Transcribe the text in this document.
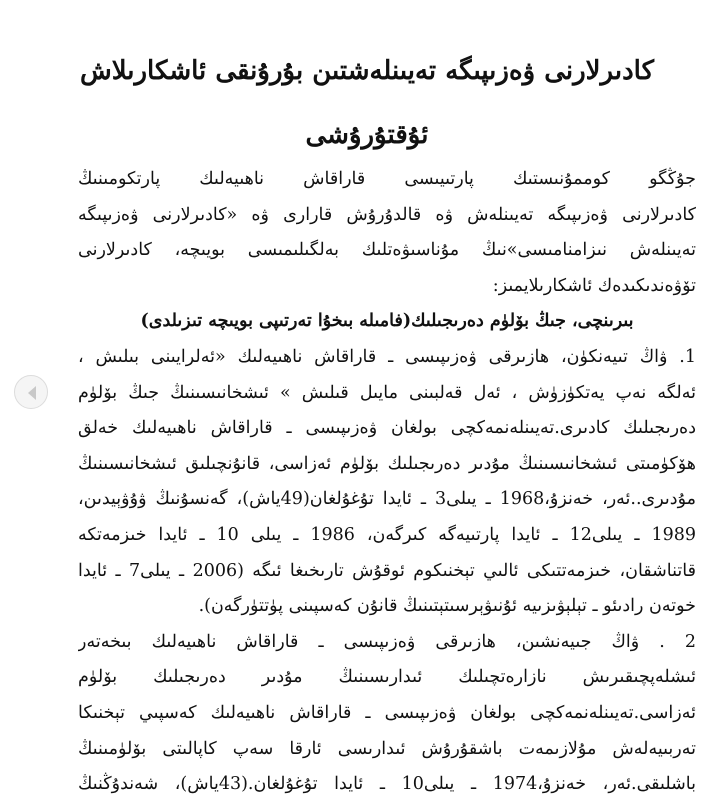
كادىرلارنى ۋەزىپىگە تەيىنلەشتىن بۇرۇنقى ئاشكارىلاش
ئۇقتۇرۇشى
جۇڭگو كوممۇنىستىك پارتىيىسى قاراقاش ناھىيەلىك پارتكومىنىڭ
كادىرلارنى ۋەزىپىگە تەيىنلەش ۋە قالدۇرۇش قارارى ۋە «كادىرلارنى ۋەزىپىگە
تەيىنلەش نىزامنامىسى»نىڭ مۇناسىۋەتلىك بەلگىلىمىسى بويىچە، كادىرلارنى
تۆۋەندىكىدەك ئاشكارىلايمىز:
بىرىنچى، جىڭ بۆلۈم دەرىجىلىك(فامىلە بىخۇا تەرتىپى بويىچە تىزىلدى)
1. ۋاڭ تىيەنكۈن، ھازىرقى ۋەزىپىسى ـ قاراقاش ناھىيەلىك «ئەلرايىنى بىلىش ،
ئەلگە نەپ يەتكۈزۈش ، ئەل قەلبىنى مايىل قىلىش » ئىشخانىسىنىڭ جىڭ بۆلۈم
دەرىجىلىك كادىرى.تەيىنلەنمەكچى بولغان ۋەزىپىسى ـ قاراقاش ناھىيەلىك خەلق
ھۆكۈمىتى ئىشخانىسىنىڭ مۇدىر دەرىجىلىك بۆلۈم ئەزاسى، قانۇنچىلىق ئىشخانىسىنىڭ
مۇدىرى..ئەر، خەنزۇ،1968 ـ يىلى3 ـ ئايدا تۇغۇلغان(49ياش)، گەنسۇنىڭ ۋۇۋېيدىن،
1989 ـ يىلى12 ـ ئايدا پارتىيەگە كىرگەن، 1986 ـ يىلى 10 ـ ئايدا خىزمەتكە
قاتناشقان، خىزمەتتىكى ئالىي تېخنىكوم ئوقۇش تارىخىغا ئىگە (2006 ـ يىلى7 ـ ئايدا
خوتەن رادىئو ـ تېلېۋىزىيە ئۇنىۋېرسىتېتىنىڭ قانۇن كەسپىنى پۈتتۈرگەن).
2 . ۋاڭ جىيەنشىن، ھازىرقى ۋەزىپىسى ـ قاراقاش ناھىيەلىك بىخەتەر
ئىشلەپچىقىرىش نازارەتچىلىك ئىدارىسىنىڭ مۇدىر دەرىجىلىك بۆلۈم
ئەزاسى.تەيىنلەنمەكچى بولغان ۋەزىپىسى ـ قاراقاش ناھىيەلىك كەسپىي تېخنىكا
تەربىيەلەش مۇلازىمەت باشقۇرۇش ئىدارىسى ئارقا سەپ كاپالىتى بۆلۈمىنىڭ
باشلىقى.ئەر، خەنزۇ،1974 ـ يىلى10 ـ ئايدا تۇغۇلغان.(43ياش)، شەندۇڭنىڭ
